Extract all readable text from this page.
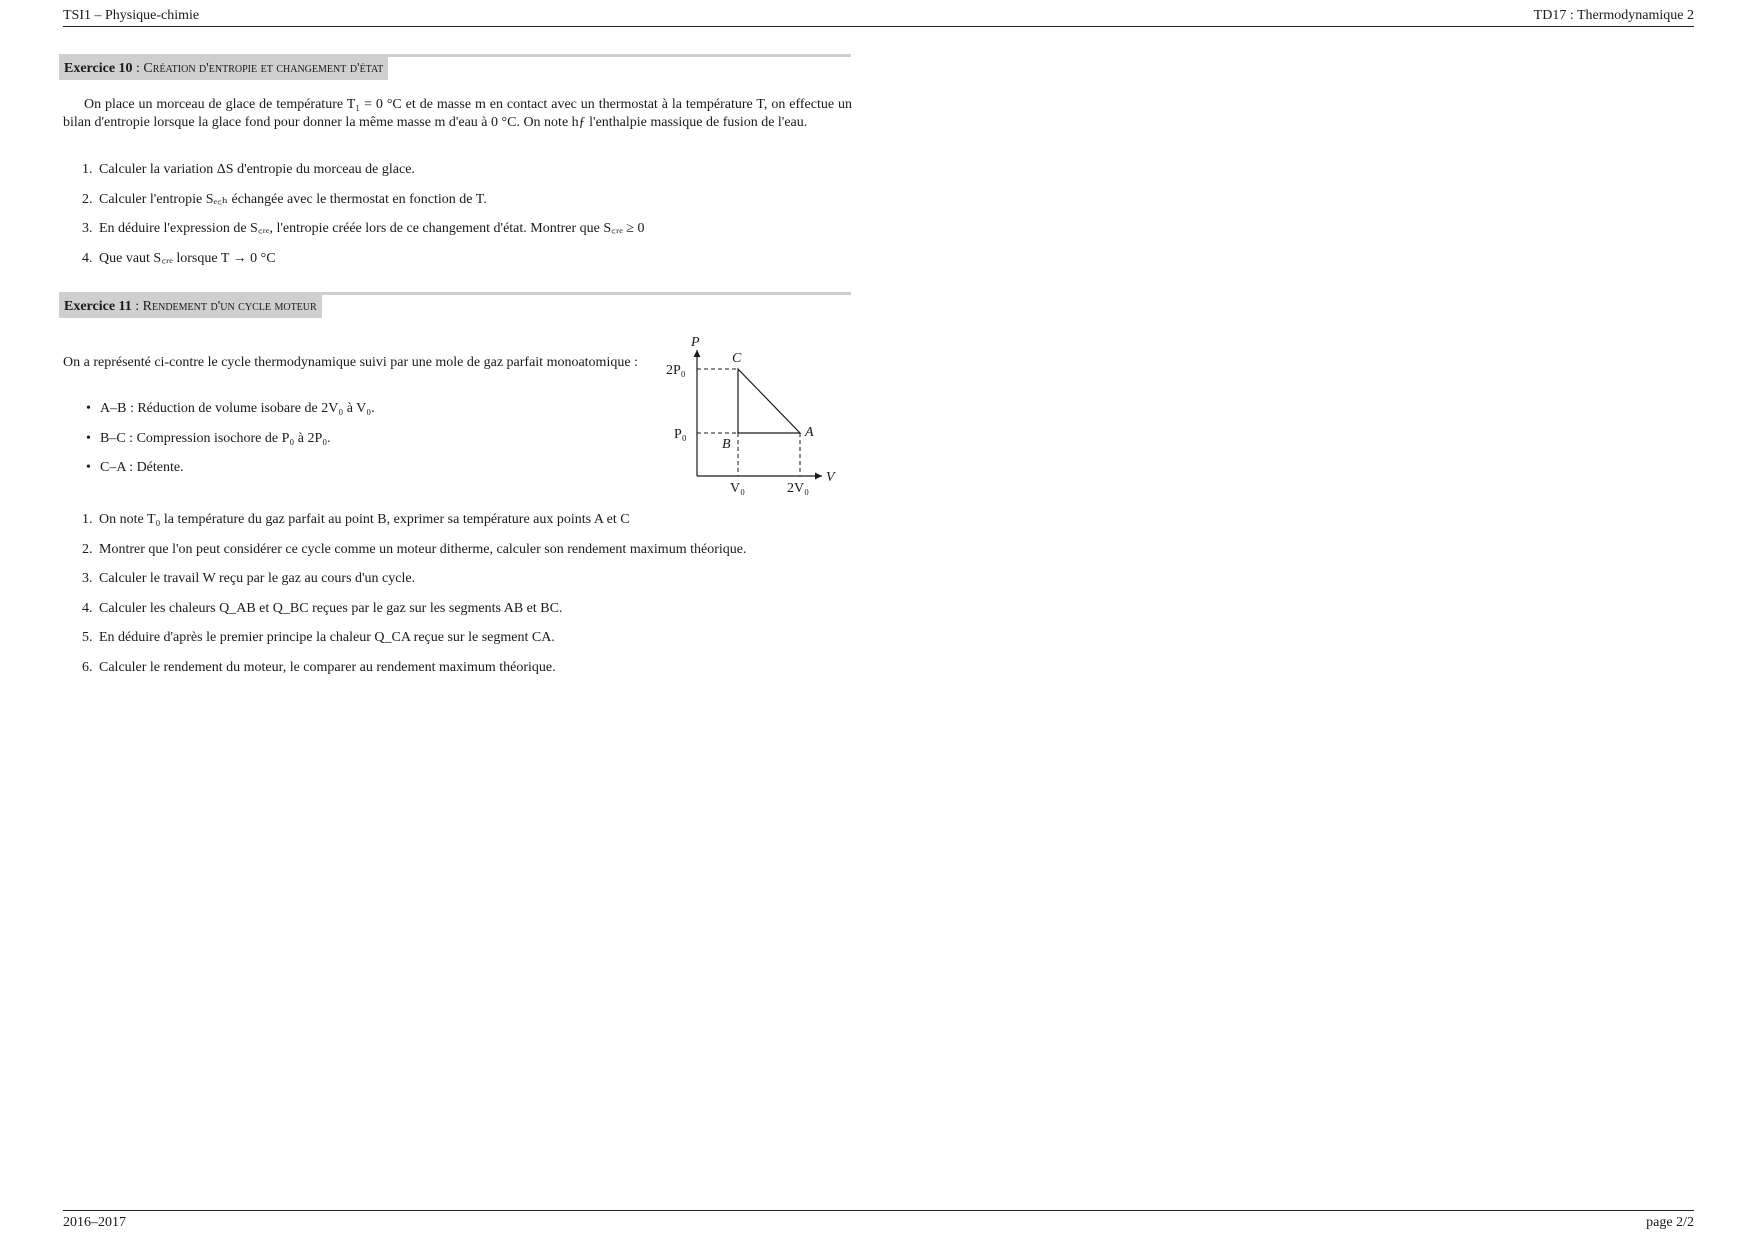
TSI1 – Physique-chimie	TD17 : Thermodynamique 2
Exercice 10 : Création d'entropie et changement d'état
On place un morceau de glace de température T₁ = 0 °C et de masse m en contact avec un thermostat à la température T, on effectue un bilan d'entropie lorsque la glace fond pour donner la même masse m d'eau à 0 °C. On note hƒ l'enthalpie massique de fusion de l'eau.
1. Calculer la variation ΔS d'entropie du morceau de glace.
2. Calculer l'entropie Sₑ꜀ₕ échangée avec le thermostat en fonction de T.
3. En déduire l'expression de S꜀ᵣₑ, l'entropie créée lors de ce changement d'état. Montrer que S꜀ᵣₑ ≥ 0
4. Que vaut S꜀ᵣₑ lorsque T → 0 °C
Exercice 11 : Rendement d'un cycle moteur
On a représenté ci-contre le cycle thermodynamique suivi par une mole de gaz parfait monoatomique :
• A–B : Réduction de volume isobare de 2V₀ à V₀.
• B–C : Compression isochore de P₀ à 2P₀.
• C–A : Détente.
P
V
2P₀
P₀
V₀	2V₀
C
B
A
1. On note T₀ la température du gaz parfait au point B, exprimer sa température aux points A et C
2. Montrer que l'on peut considérer ce cycle comme un moteur ditherme, calculer son rendement maximum théorique.
3. Calculer le travail W reçu par le gaz au cours d'un cycle.
4. Calculer les chaleurs Q_AB et Q_BC reçues par le gaz sur les segments AB et BC.
5. En déduire d'après le premier principe la chaleur Q_CA reçue sur le segment CA.
6. Calculer le rendement du moteur, le comparer au rendement maximum théorique.
2016–2017	page 2/2
